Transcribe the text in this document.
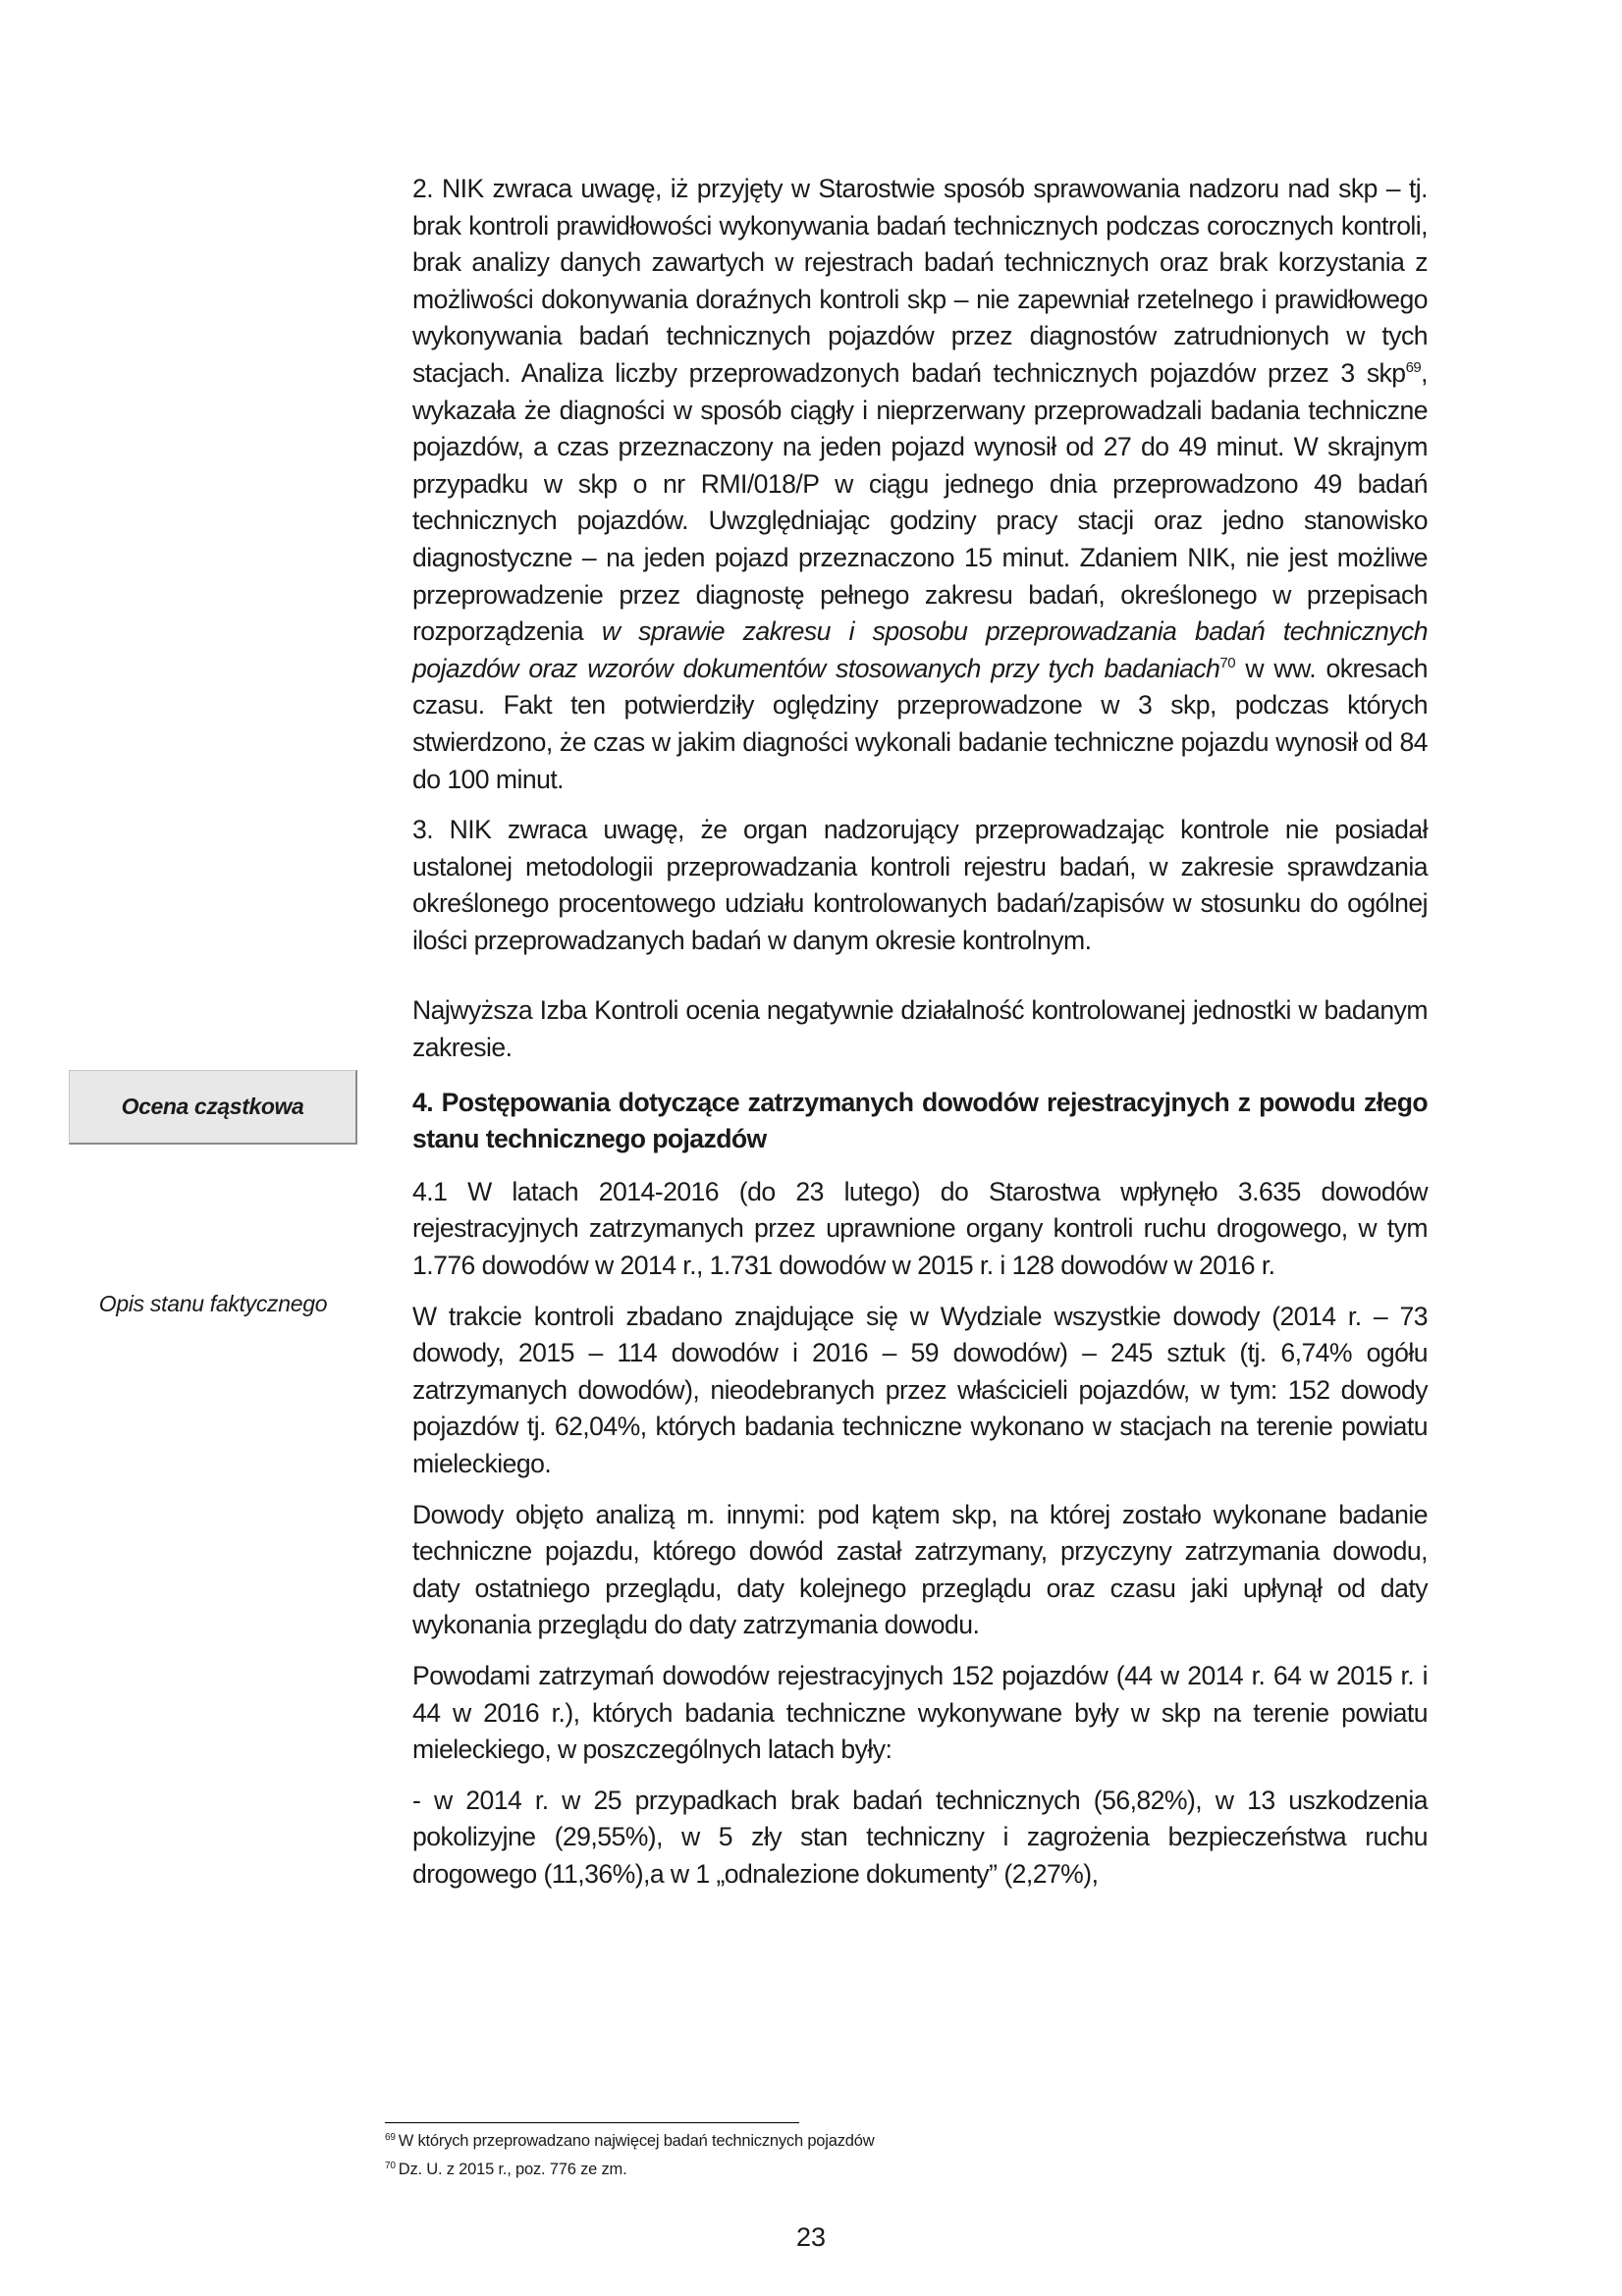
2. NIK zwraca uwagę, iż przyjęty w Starostwie sposób sprawowania nadzoru nad skp – tj. brak kontroli prawidłowości wykonywania badań technicznych podczas corocznych kontroli, brak analizy danych zawartych w rejestrach badań technicznych oraz brak korzystania z możliwości dokonywania doraźnych kontroli skp – nie zapewniał rzetelnego i prawidłowego wykonywania badań technicznych pojazdów przez diagnostów zatrudnionych w tych stacjach. Analiza liczby przeprowadzonych badań technicznych pojazdów przez 3 skp$^{69}$, wykazała że diagności w sposób ciągły i nieprzerwany przeprowadzali badania techniczne pojazdów, a czas przeznaczony na jeden pojazd wynosił od 27 do 49 minut. W skrajnym przypadku w skp o nr RMI/018/P w ciągu jednego dnia przeprowadzono 49 badań technicznych pojazdów. Uwzględniając godziny pracy stacji oraz jedno stanowisko diagnostyczne – na jeden pojazd przeznaczono 15 minut. Zdaniem NIK, nie jest możliwe przeprowadzenie przez diagnostę pełnego zakresu badań, określonego w przepisach rozporządzenia w sprawie zakresu i sposobu przeprowadzania badań technicznych pojazdów oraz wzorów dokumentów stosowanych przy tych badaniach$^{70}$ w ww. okresach czasu. Fakt ten potwierdziły oględziny przeprowadzone w 3 skp, podczas których stwierdzono, że czas w jakim diagności wykonali badanie techniczne pojazdu wynosił od 84 do 100 minut.

3. NIK zwraca uwagę, że organ nadzorujący przeprowadzając kontrole nie posiadał ustalonej metodologii przeprowadzania kontroli rejestru badań, w zakresie sprawdzania określonego procentowego udziału kontrolowanych badań/zapisów w stosunku do ogólnej ilości przeprowadzanych badań w danym okresie kontrolnym.

Najwyższa Izba Kontroli ocenia negatywnie działalność kontrolowanej jednostki w badanym zakresie.

4. Postępowania dotyczące zatrzymanych dowodów rejestracyjnych z powodu złego stanu technicznego pojazdów

4.1 W latach 2014-2016 (do 23 lutego) do Starostwa wpłynęło 3.635 dowodów rejestracyjnych zatrzymanych przez uprawnione organy kontroli ruchu drogowego, w tym 1.776 dowodów w 2014 r., 1.731 dowodów w 2015 r. i 128 dowodów w 2016 r.

W trakcie kontroli zbadano znajdujące się w Wydziale wszystkie dowody (2014 r. – 73 dowody, 2015 – 114 dowodów i 2016 – 59 dowodów) – 245 sztuk (tj. 6,74% ogółu zatrzymanych dowodów), nieodebranych przez właścicieli pojazdów, w tym: 152 dowody pojazdów tj. 62,04%, których badania techniczne wykonano w stacjach na terenie powiatu mieleckiego.

Dowody objęto analizą m. innymi: pod kątem skp, na której zostało wykonane badanie techniczne pojazdu, którego dowód zastał zatrzymany, przyczyny zatrzymania dowodu, daty ostatniego przeglądu, daty kolejnego przeglądu oraz czasu jaki upłynął od daty wykonania przeglądu do daty zatrzymania dowodu.

Powodami zatrzymań dowodów rejestracyjnych 152 pojazdów (44 w 2014 r. 64 w 2015 r. i 44 w 2016 r.), których badania techniczne wykonywane były w skp na terenie powiatu mieleckiego, w poszczególnych latach były:

- w 2014 r. w 25 przypadkach brak badań technicznych (56,82%), w 13 uszkodzenia pokolizyjne (29,55%), w 5 zły stan techniczny i zagrożenia bezpieczeństwa ruchu drogowego (11,36%),a w 1 „odnalezione dokumenty” (2,27%),

Ocena cząstkowa
Opis stanu faktycznego
$^{69}$ W których przeprowadzano najwięcej badań technicznych pojazdów
$^{70}$ Dz. U. z 2015 r., poz. 776 ze zm.
23
